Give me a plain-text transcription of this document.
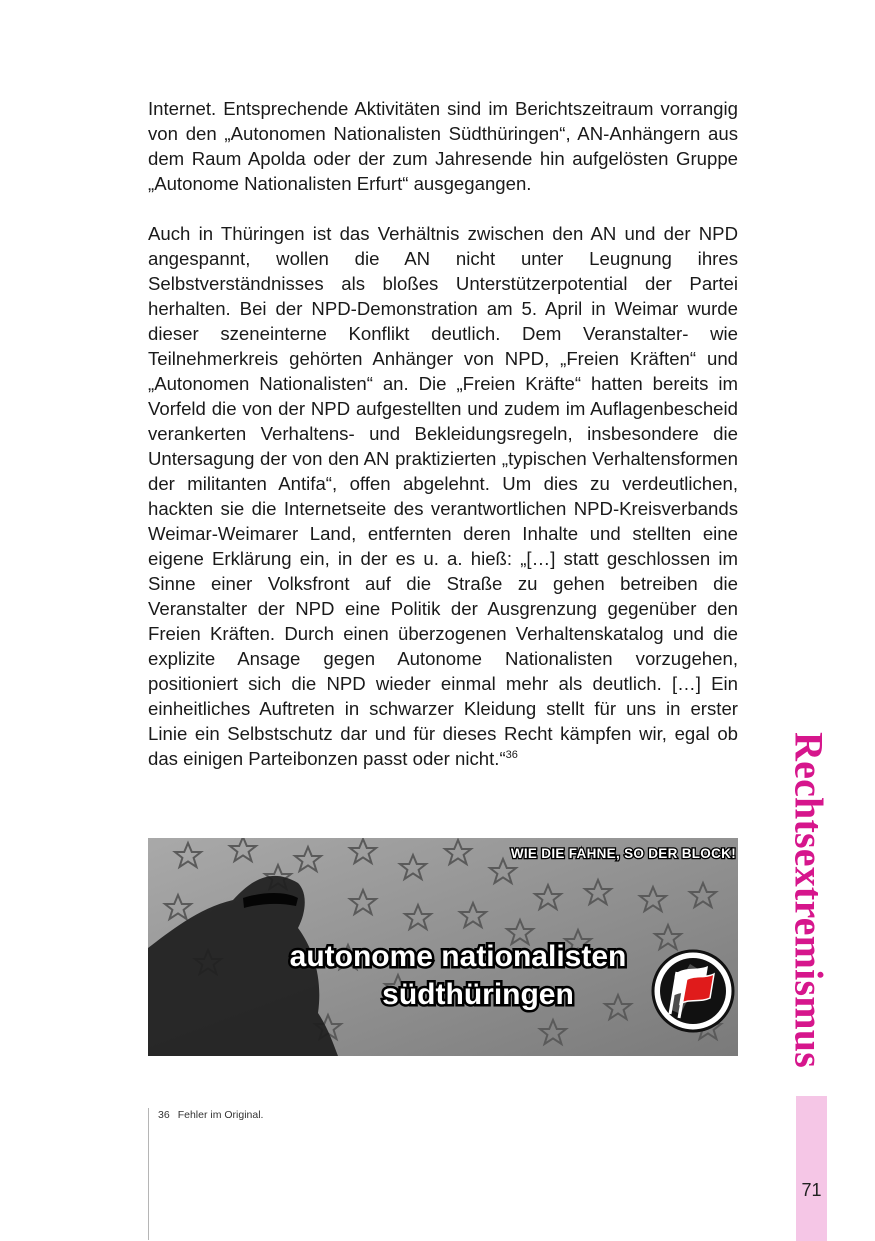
Internet. Entsprechende Aktivitäten sind im Berichtszeitraum vorrangig von den „Autonomen Nationalisten Südthüringen“, AN-Anhängern aus dem Raum Apolda oder der zum Jahresende hin aufgelösten Gruppe „Autonome Nationalisten Erfurt“ ausgegangen.

Auch in Thüringen ist das Verhältnis zwischen den AN und der NPD angespannt, wollen die AN nicht unter Leugnung ihres Selbstverständnisses als bloßes Unterstützerpotential der Partei herhalten. Bei der NPD-Demonstration am 5. April in Weimar wurde dieser szeneinterne Konflikt deutlich. Dem Veranstalter- wie Teilnehmerkreis gehörten Anhänger von NPD, „Freien Kräften“ und „Autonomen Nationalisten“ an. Die „Freien Kräfte“ hatten bereits im Vorfeld die von der NPD aufgestellten und zudem im Auflagenbescheid verankerten Verhaltens- und Bekleidungsregeln, insbesondere die Untersagung der von den AN praktizierten „typischen Verhaltensformen der militanten Antifa“, offen abgelehnt. Um dies zu verdeutlichen, hackten sie die Internetseite des verantwortlichen NPD-Kreisverbands Weimar-Weimarer Land, entfernten deren Inhalte und stellten eine eigene Erklärung ein, in der es u. a. hieß: „[…] statt geschlossen im Sinne einer Volksfront auf die Straße zu gehen betreiben die Veranstalter der NPD eine Politik der Ausgrenzung gegenüber den Freien Kräften. Durch einen überzogenen Verhaltenskatalog und die explizite Ansage gegen Autonome Nationalisten vorzugehen, positioniert sich die NPD wieder einmal mehr als deutlich. […] Ein einheitliches Auftreten in schwarzer Kleidung stellt für uns in erster Linie ein Selbstschutz dar und für dieses Recht kämpfen wir, egal ob das einigen Parteibonzen passt oder nicht.“$^{36}$

WIE DIE FAHNE, SO DER BLOCK!
autonome nationalisten
südthüringen
36 Fehler im Original.
Rechtsextremismus
71
